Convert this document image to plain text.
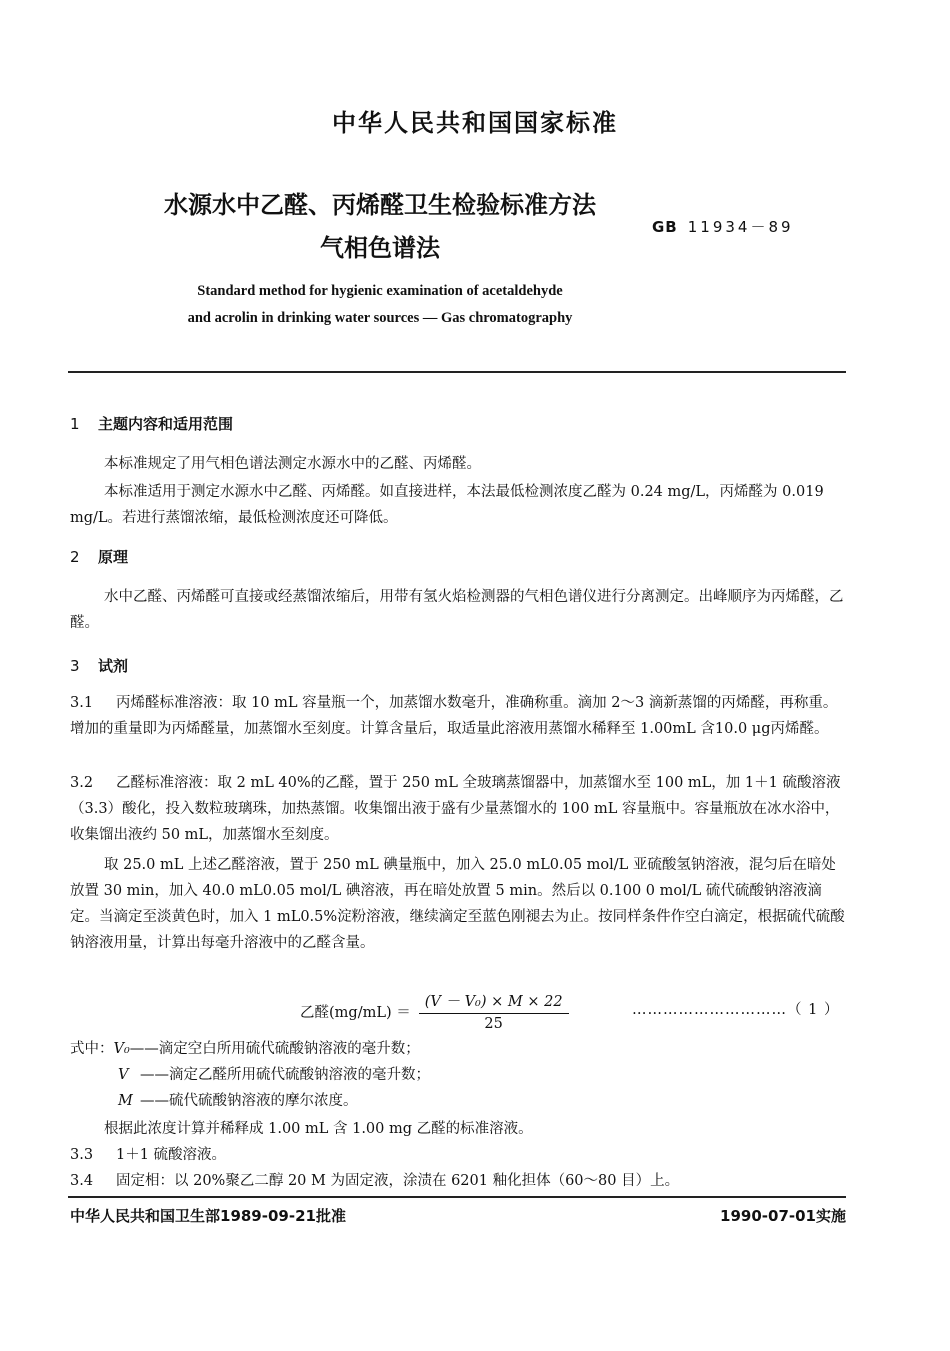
中华人民共和国国家标准
水源水中乙醛、丙烯醛卫生检验标准方法
气相色谱法
GB 11934－89
Standard method for hygienic examination of acetaldehyde
and acrolin in drinking water sources — Gas chromatography
1 主题内容和适用范围
本标准规定了用气相色谱法测定水源水中的乙醛、丙烯醛。
本标准适用于测定水源水中乙醛、丙烯醛。如直接进样，本法最低检测浓度乙醛为 0.24 mg/L，丙烯醛为 0.019 mg/L。若进行蒸馏浓缩，最低检测浓度还可降低。
2 原理
水中乙醛、丙烯醛可直接或经蒸馏浓缩后，用带有氢火焰检测器的气相色谱仪进行分离测定。出峰顺序为丙烯醛，乙醛。
3 试剂
3.1 丙烯醛标准溶液：取 10 mL 容量瓶一个，加蒸馏水数毫升，准确称重。滴加 2～3 滴新蒸馏的丙烯醛，再称重。增加的重量即为丙烯醛量，加蒸馏水至刻度。计算含量后，取适量此溶液用蒸馏水稀释至 1.00mL 含10.0 μg丙烯醛。
3.2 乙醛标准溶液：取 2 mL 40%的乙醛，置于 250 mL 全玻璃蒸馏器中，加蒸馏水至 100 mL，加 1＋1 硫酸溶液（3.3）酸化，投入数粒玻璃珠，加热蒸馏。收集馏出液于盛有少量蒸馏水的 100 mL 容量瓶中。容量瓶放在冰水浴中，收集馏出液约 50 mL，加蒸馏水至刻度。
取 25.0 mL 上述乙醛溶液，置于 250 mL 碘量瓶中，加入 25.0 mL0.05 mol/L 亚硫酸氢钠溶液，混匀后在暗处放置 30 min，加入 40.0 mL0.05 mol/L 碘溶液，再在暗处放置 5 min。然后以 0.100 0 mol/L 硫代硫酸钠溶液滴定。当滴定至淡黄色时，加入 1 mL0.5%淀粉溶液，继续滴定至蓝色刚褪去为止。按同样条件作空白滴定，根据硫代硫酸钠溶液用量，计算出每毫升溶液中的乙醛含量。
乙醛$(mg/mL) = \frac{\text{(V － V₀) × M × 22}}{25}$	…………………………（ 1 ）
式中：V₀——滴定空白所用硫代硫酸钠溶液的毫升数；
V ——滴定乙醛所用硫代硫酸钠溶液的毫升数；
M ——硫代硫酸钠溶液的摩尔浓度。
根据此浓度计算并稀释成 1.00 mL 含 1.00 mg 乙醛的标准溶液。
3.3 1＋1 硫酸溶液。
3.4 固定相：以 20%聚乙二醇 20 M 为固定液，涂渍在 6201 釉化担体（60～80 目）上。
中华人民共和国卫生部1989-09-21批准	1990-07-01实施
